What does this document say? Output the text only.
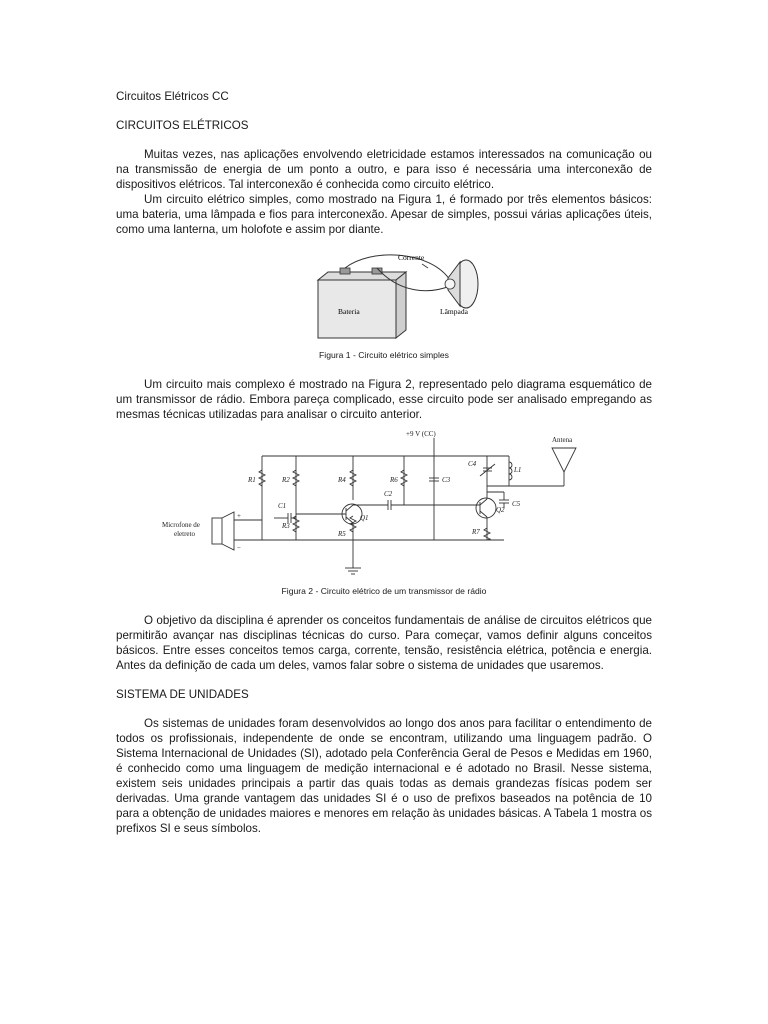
Circuitos Elétricos CC

CIRCUITOS ELÉTRICOS

Muitas vezes, nas aplicações envolvendo eletricidade estamos interessados na comunicação ou na transmissão de energia de um ponto a outro, e para isso é necessária uma interconexão de dispositivos elétricos. Tal interconexão é conhecida como circuito elétrico.

Um circuito elétrico simples, como mostrado na Figura 1, é formado por três elementos básicos: uma bateria, uma lâmpada e fios para interconexão. Apesar de simples, possui várias aplicações úteis, como uma lanterna, um holofote e assim por diante.

Corrente
Bateria	Lâmpada
Figura 1 - Circuito elétrico simples

Um circuito mais complexo é mostrado na Figura 2, representado pelo diagrama esquemático de um transmissor de rádio. Embora pareça complicado, esse circuito pode ser analisado empregando as mesmas técnicas utilizadas para analisar o circuito anterior.

+9 V (CC)
Antena
Microfone de
eletreto
R1	R2
R3
R4
R5
R6
R7
C1
C2
C3
C4
C5
L1
Q1
Q2
+
−
Figura 2 - Circuito elétrico de um transmissor de rádio

O objetivo da disciplina é aprender os conceitos fundamentais de análise de circuitos elétricos que permitirão avançar nas disciplinas técnicas do curso. Para começar, vamos definir alguns conceitos básicos. Entre esses conceitos temos carga, corrente, tensão, resistência elétrica, potência e energia. Antes da definição de cada um deles, vamos falar sobre o sistema de unidades que usaremos.

SISTEMA DE UNIDADES

Os sistemas de unidades foram desenvolvidos ao longo dos anos para facilitar o entendimento de todos os profissionais, independente de onde se encontram, utilizando uma linguagem padrão. O Sistema Internacional de Unidades (SI), adotado pela Conferência Geral de Pesos e Medidas em 1960, é conhecido como uma linguagem de medição internacional e é adotado no Brasil. Nesse sistema, existem seis unidades principais a partir das quais todas as demais grandezas físicas podem ser derivadas. Uma grande vantagem das unidades SI é o uso de prefixos baseados na potência de 10 para a obtenção de unidades maiores e menores em relação às unidades básicas. A Tabela 1 mostra os prefixos SI e seus símbolos.
